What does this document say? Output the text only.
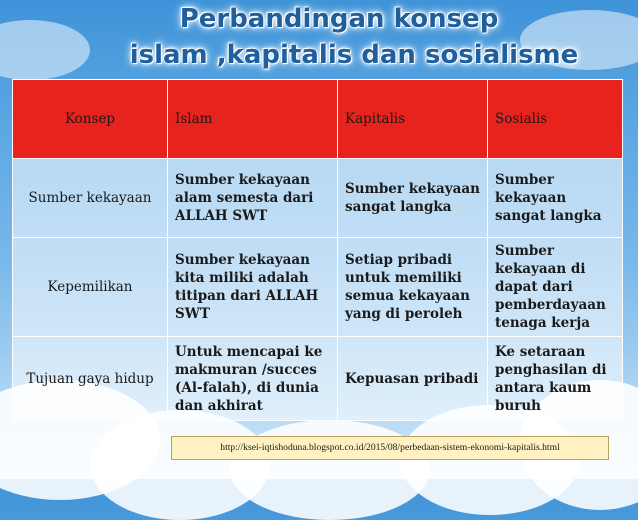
Perbandingan konsep
islam ,kapitalis dan sosialisme
Konsep	Islam	Kapitalis	Sosialis
Sumber kekayaan	Sumber kekayaan alam semesta dari ALLAH SWT	Sumber kekayaan sangat langka	Sumber kekayaan sangat langka
Kepemilikan	Sumber kekayaan kita miliki adalah titipan dari ALLAH SWT	Setiap pribadi untuk memiliki semua kekayaan yang di peroleh	Sumber kekayaan di dapat dari pemberdayaan tenaga kerja
Tujuan gaya hidup	Untuk mencapai ke makmuran /succes (Al-falah), di dunia dan akhirat	Kepuasan pribadi	Ke setaraan penghasilan di antara kaum buruh
http://ksei-iqtishoduna.blogspot.co.id/2015/08/perbedaan-sistem-ekonomi-kapitalis.html
